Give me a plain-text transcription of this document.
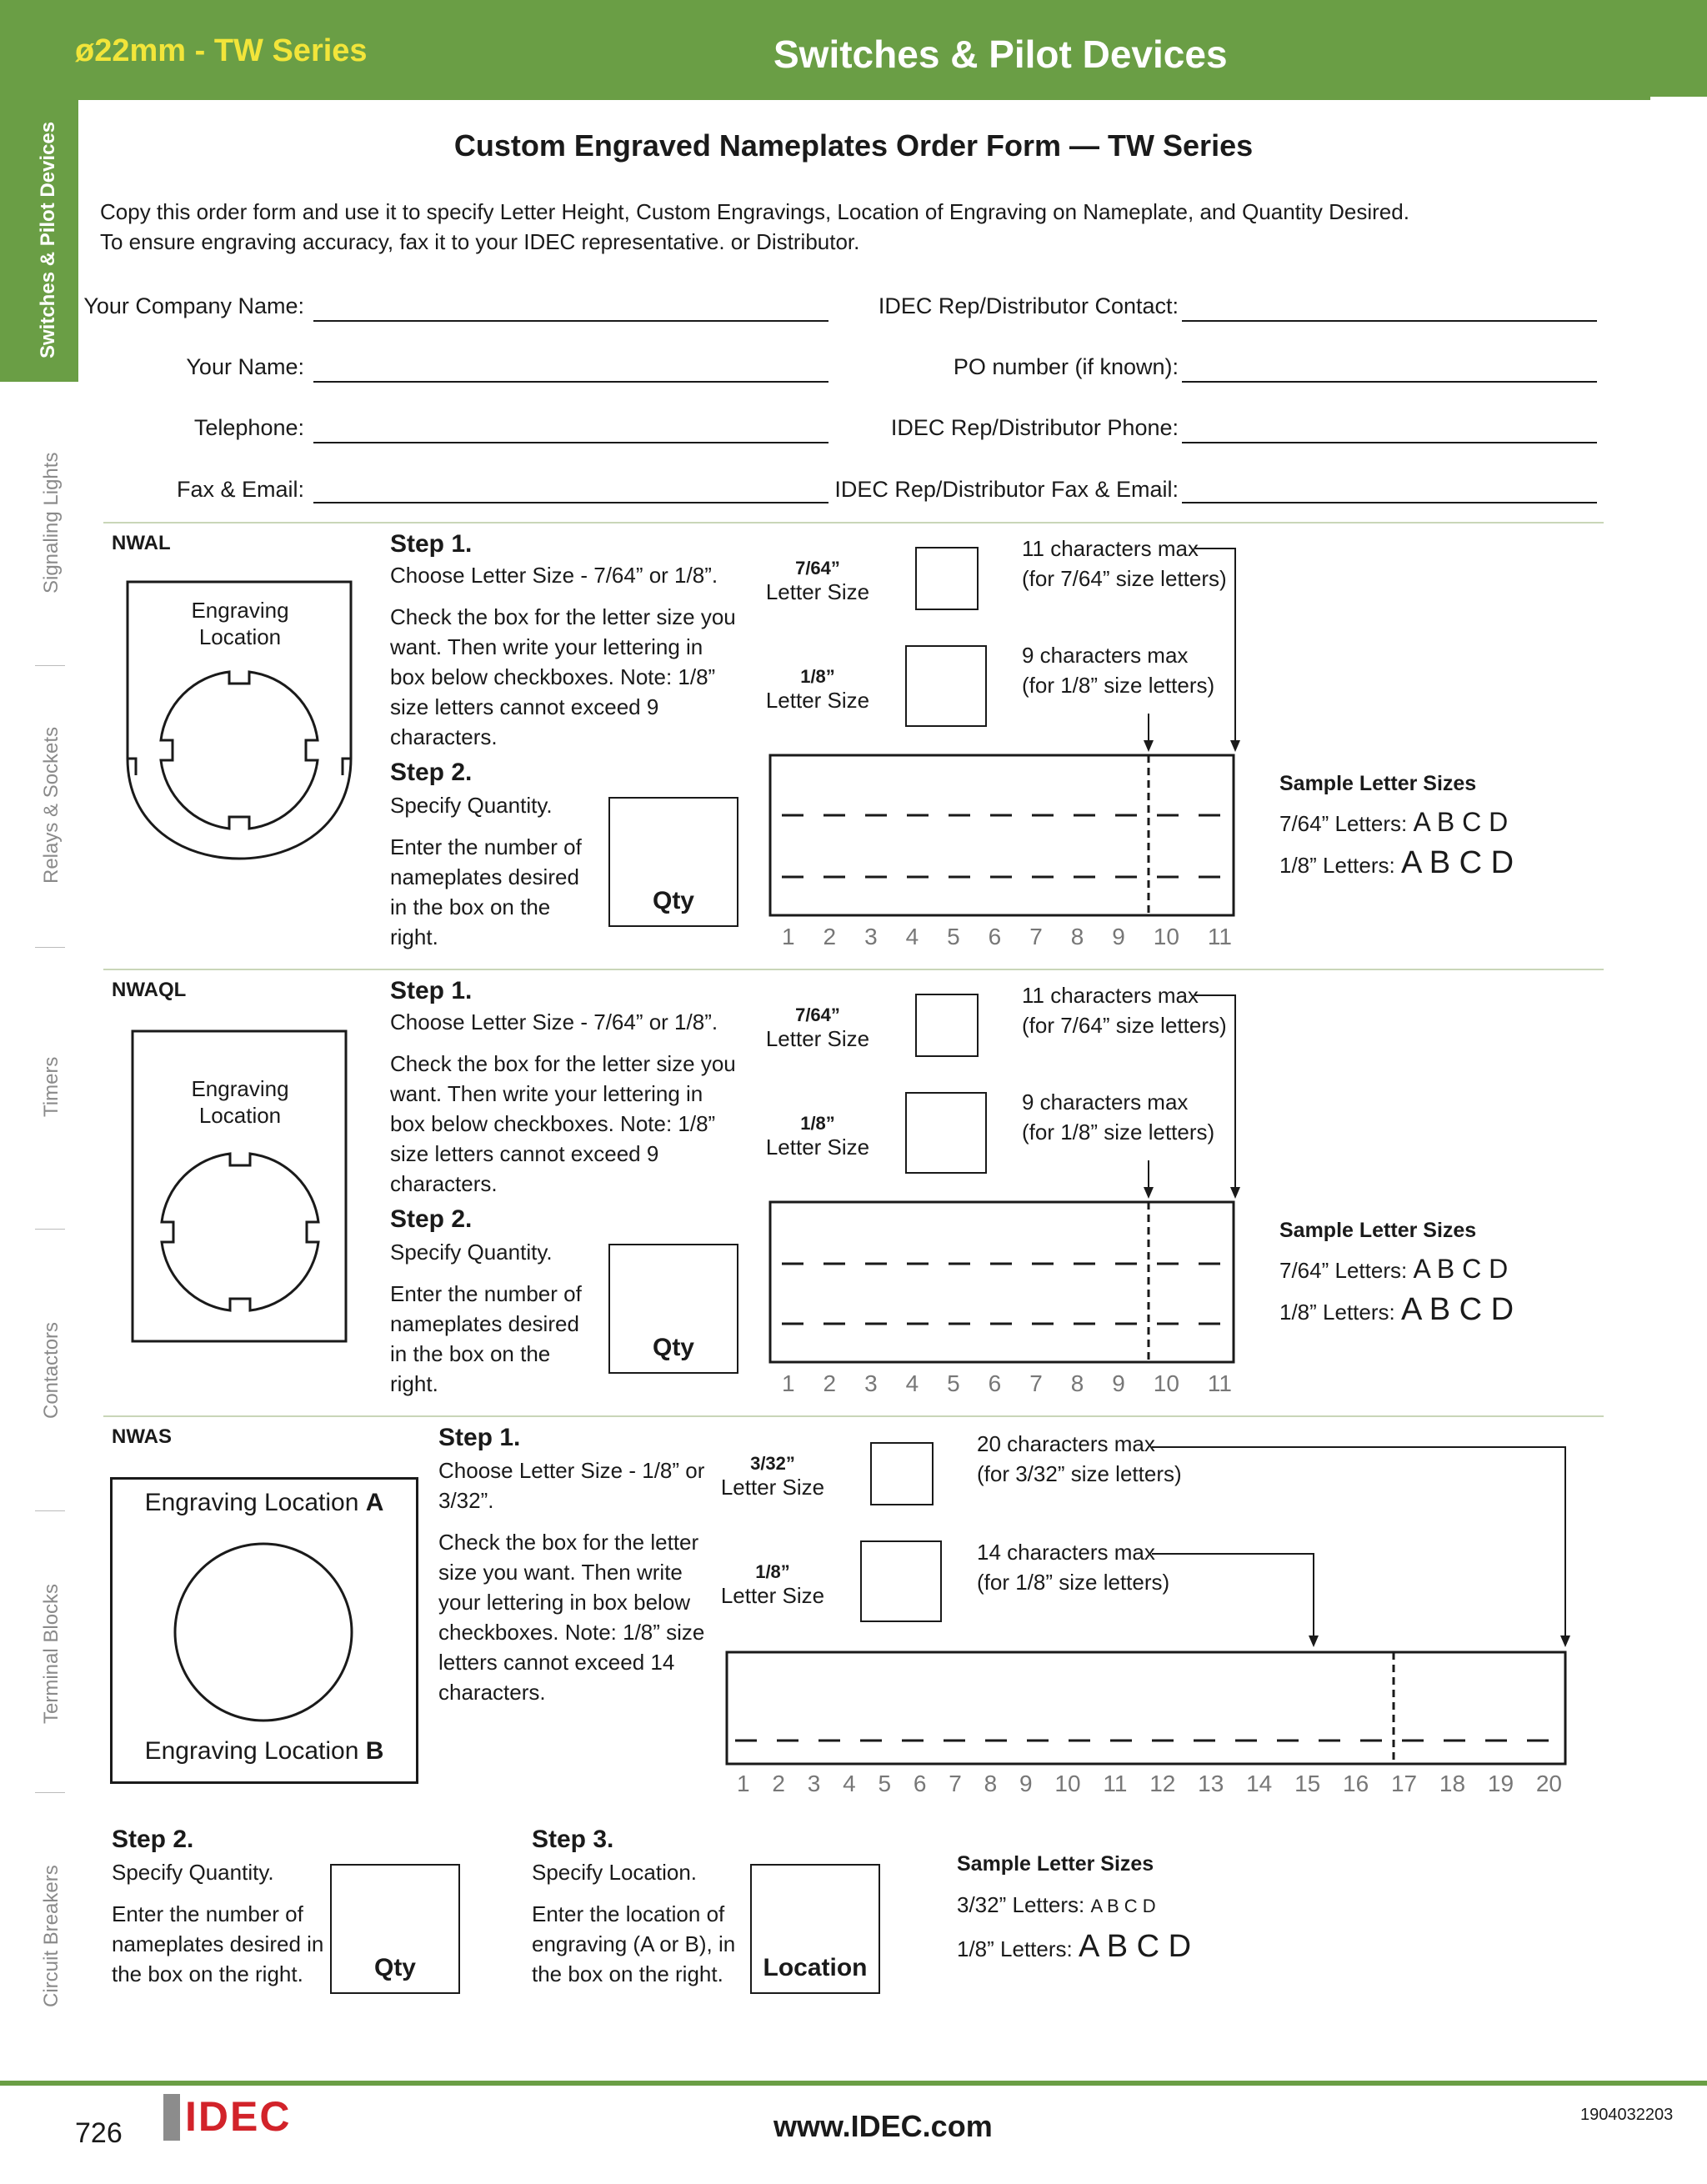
ø22mm - TW Series	Switches & Pilot Devices
Switches & Pilot Devices
Signaling Lights
Relays & Sockets
Timers
Contactors
Terminal Blocks
Circuit Breakers
Custom Engraved Nameplates Order Form — TW Series
Copy this order form and use it to specify Letter Height, Custom Engravings, Location of Engraving on Nameplate, and Quantity Desired.
To ensure engraving accuracy, fax it to your IDEC representative. or Distributor.
Your Company Name:
Your Name:
Telephone:
Fax & Email:
IDEC Rep/Distributor Contact:
PO number (if known):
IDEC Rep/Distributor Phone:
IDEC Rep/Distributor Fax & Email:
NWAL
Engraving
Location
Step 1.
Choose Letter Size - 7/64” or 1/8”.
Check the box for the letter size you want. Then write your lettering in box below checkboxes. Note: 1/8” size letters cannot exceed 9 characters.
Step 2.
Specify Quantity.
Enter the number of nameplates desired in the box on the right.
Qty
7/64”
Letter Size
1/8”
Letter Size
11 characters max
(for 7/64” size letters)
9 characters max
(for 1/8” size letters)
1 2 3 4 5 6 7 8 9 10 11
Sample Letter Sizes
7/64” Letters: A B C D
1/8” Letters: A B C D
NWAQL
Engraving
Location
Step 1.
Choose Letter Size - 7/64” or 1/8”.
Check the box for the letter size you want. Then write your lettering in box below checkboxes. Note: 1/8” size letters cannot exceed 9 characters.
Step 2.
Specify Quantity.
Enter the number of nameplates desired in the box on the right.
Qty
7/64”
Letter Size
1/8”
Letter Size
11 characters max
(for 7/64” size letters)
9 characters max
(for 1/8” size letters)
1 2 3 4 5 6 7 8 9 10 11
Sample Letter Sizes
7/64” Letters: A B C D
1/8” Letters: A B C D
NWAS
Engraving Location A
Engraving Location B
Step 1.
Choose Letter Size - 1/8” or 3/32”.
Check the box for the letter size you want. Then write your lettering in box below checkboxes. Note: 1/8” size letters cannot exceed 14 characters.
3/32”
Letter Size
1/8”
Letter Size
20 characters max
(for 3/32” size letters)
14 characters max
(for 1/8” size letters)
1 2 3 4 5 6 7 8 9 10 11 12 13 14 15 16 17 18 19 20
Step 2.
Specify Quantity.
Enter the number of nameplates desired in the box on the right.	Qty
Step 3.
Specify Location.
Enter the location of engraving (A or B), in the box on the right.	Location
Sample Letter Sizes
3/32” Letters: A B C D
1/8” Letters: A B C D
726 IDEC	www.IDEC.com	1904032203
